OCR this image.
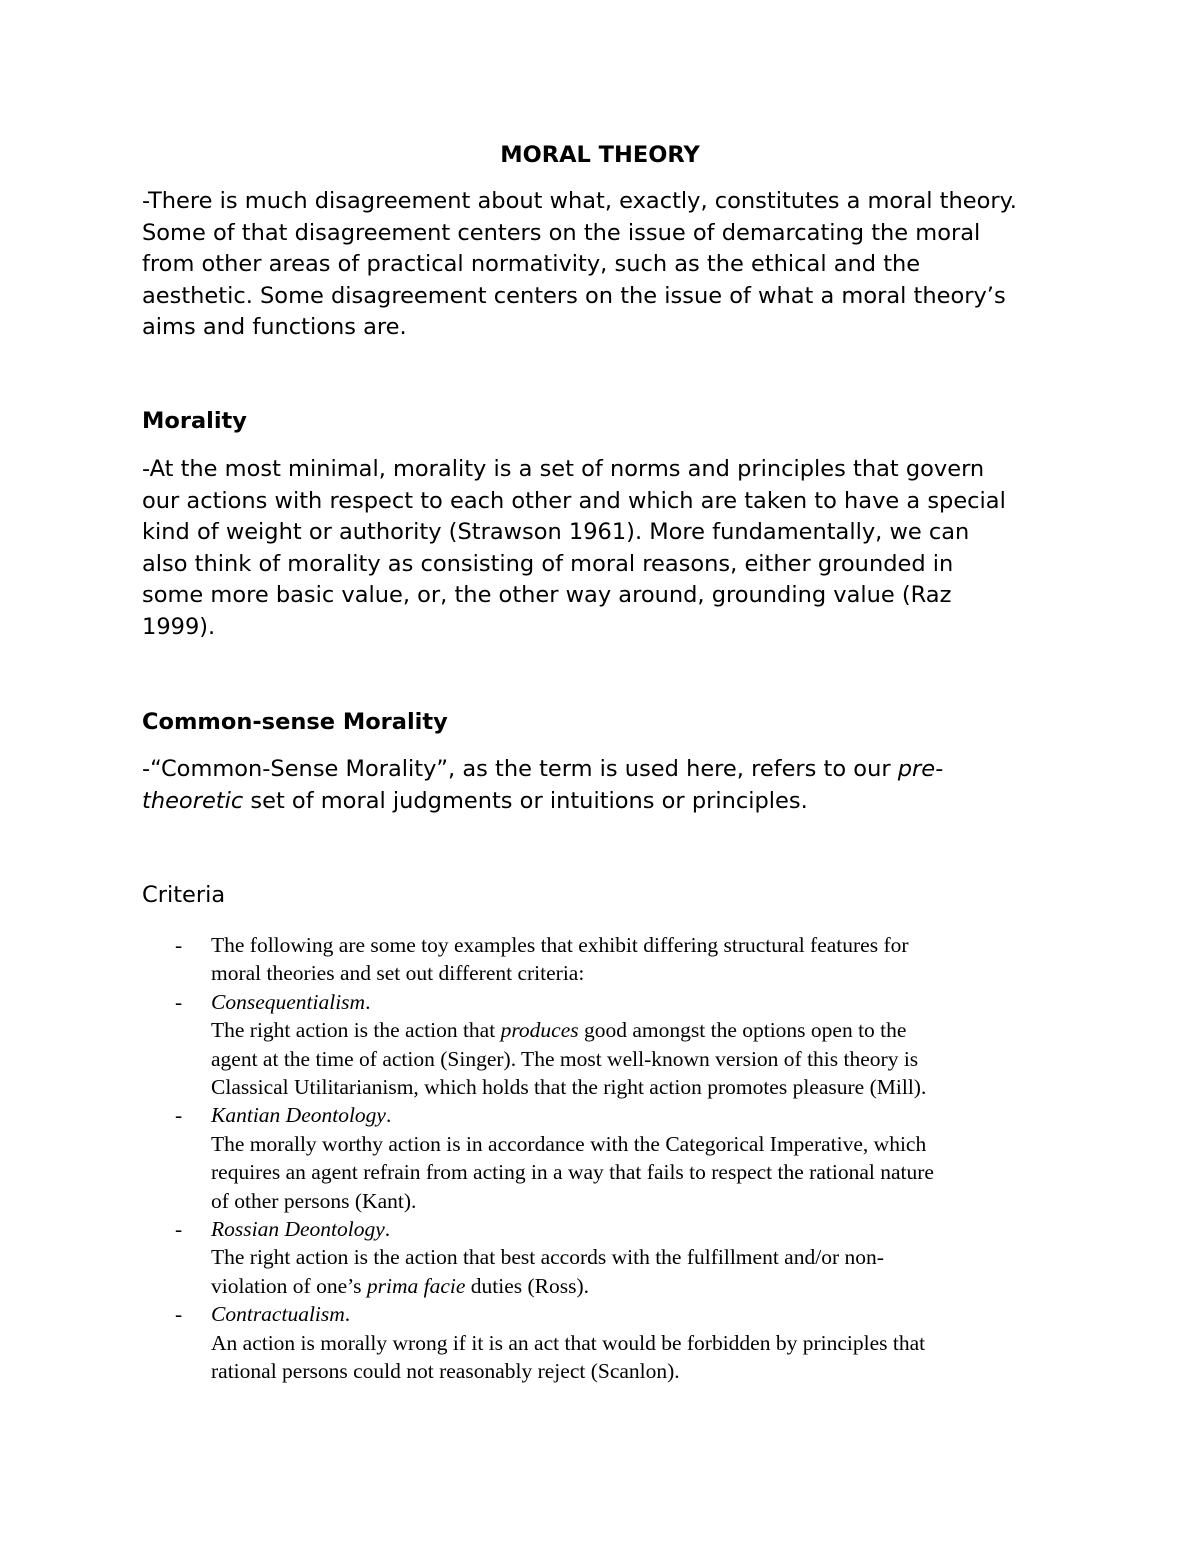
MORAL THEORY
-There is much disagreement about what, exactly, constitutes a moral theory.
Some of that disagreement centers on the issue of demarcating the moral
from other areas of practical normativity, such as the ethical and the
aesthetic. Some disagreement centers on the issue of what a moral theory’s
aims and functions are.
Morality
-At the most minimal, morality is a set of norms and principles that govern
our actions with respect to each other and which are taken to have a special
kind of weight or authority (Strawson 1961). More fundamentally, we can
also think of morality as consisting of moral reasons, either grounded in
some more basic value, or, the other way around, grounding value (Raz
1999).
Common-sense Morality
-“Common-Sense Morality”, as the term is used here, refers to our pre-
theoretic set of moral judgments or intuitions or principles.
Criteria
- The following are some toy examples that exhibit differing structural features for
moral theories and set out different criteria:
- Consequentialism.
The right action is the action that produces good amongst the options open to the
agent at the time of action (Singer). The most well-known version of this theory is
Classical Utilitarianism, which holds that the right action promotes pleasure (Mill).
- Kantian Deontology.
The morally worthy action is in accordance with the Categorical Imperative, which
requires an agent refrain from acting in a way that fails to respect the rational nature
of other persons (Kant).
- Rossian Deontology.
The right action is the action that best accords with the fulfillment and/or non-
violation of one’s prima facie duties (Ross).
- Contractualism.
An action is morally wrong if it is an act that would be forbidden by principles that
rational persons could not reasonably reject (Scanlon).
